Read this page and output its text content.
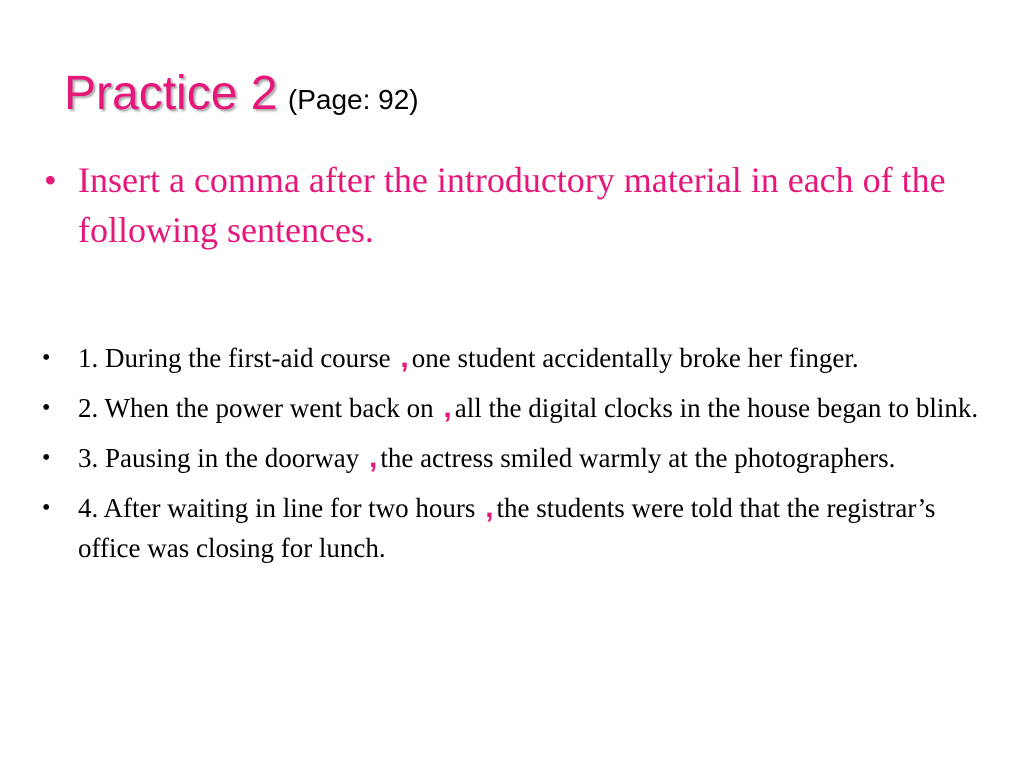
Practice 2 (Page: 92)
• Insert a comma after the introductory material in each of the following sentences.
•	1. During the first-aid course , one student accidentally broke her finger.
•	2. When the power went back on , all the digital clocks in the house began to blink.
•	3. Pausing in the doorway , the actress smiled warmly at the photographers.
•	4. After waiting in line for two hours , the students were told that the registrar’s office was closing for lunch.
